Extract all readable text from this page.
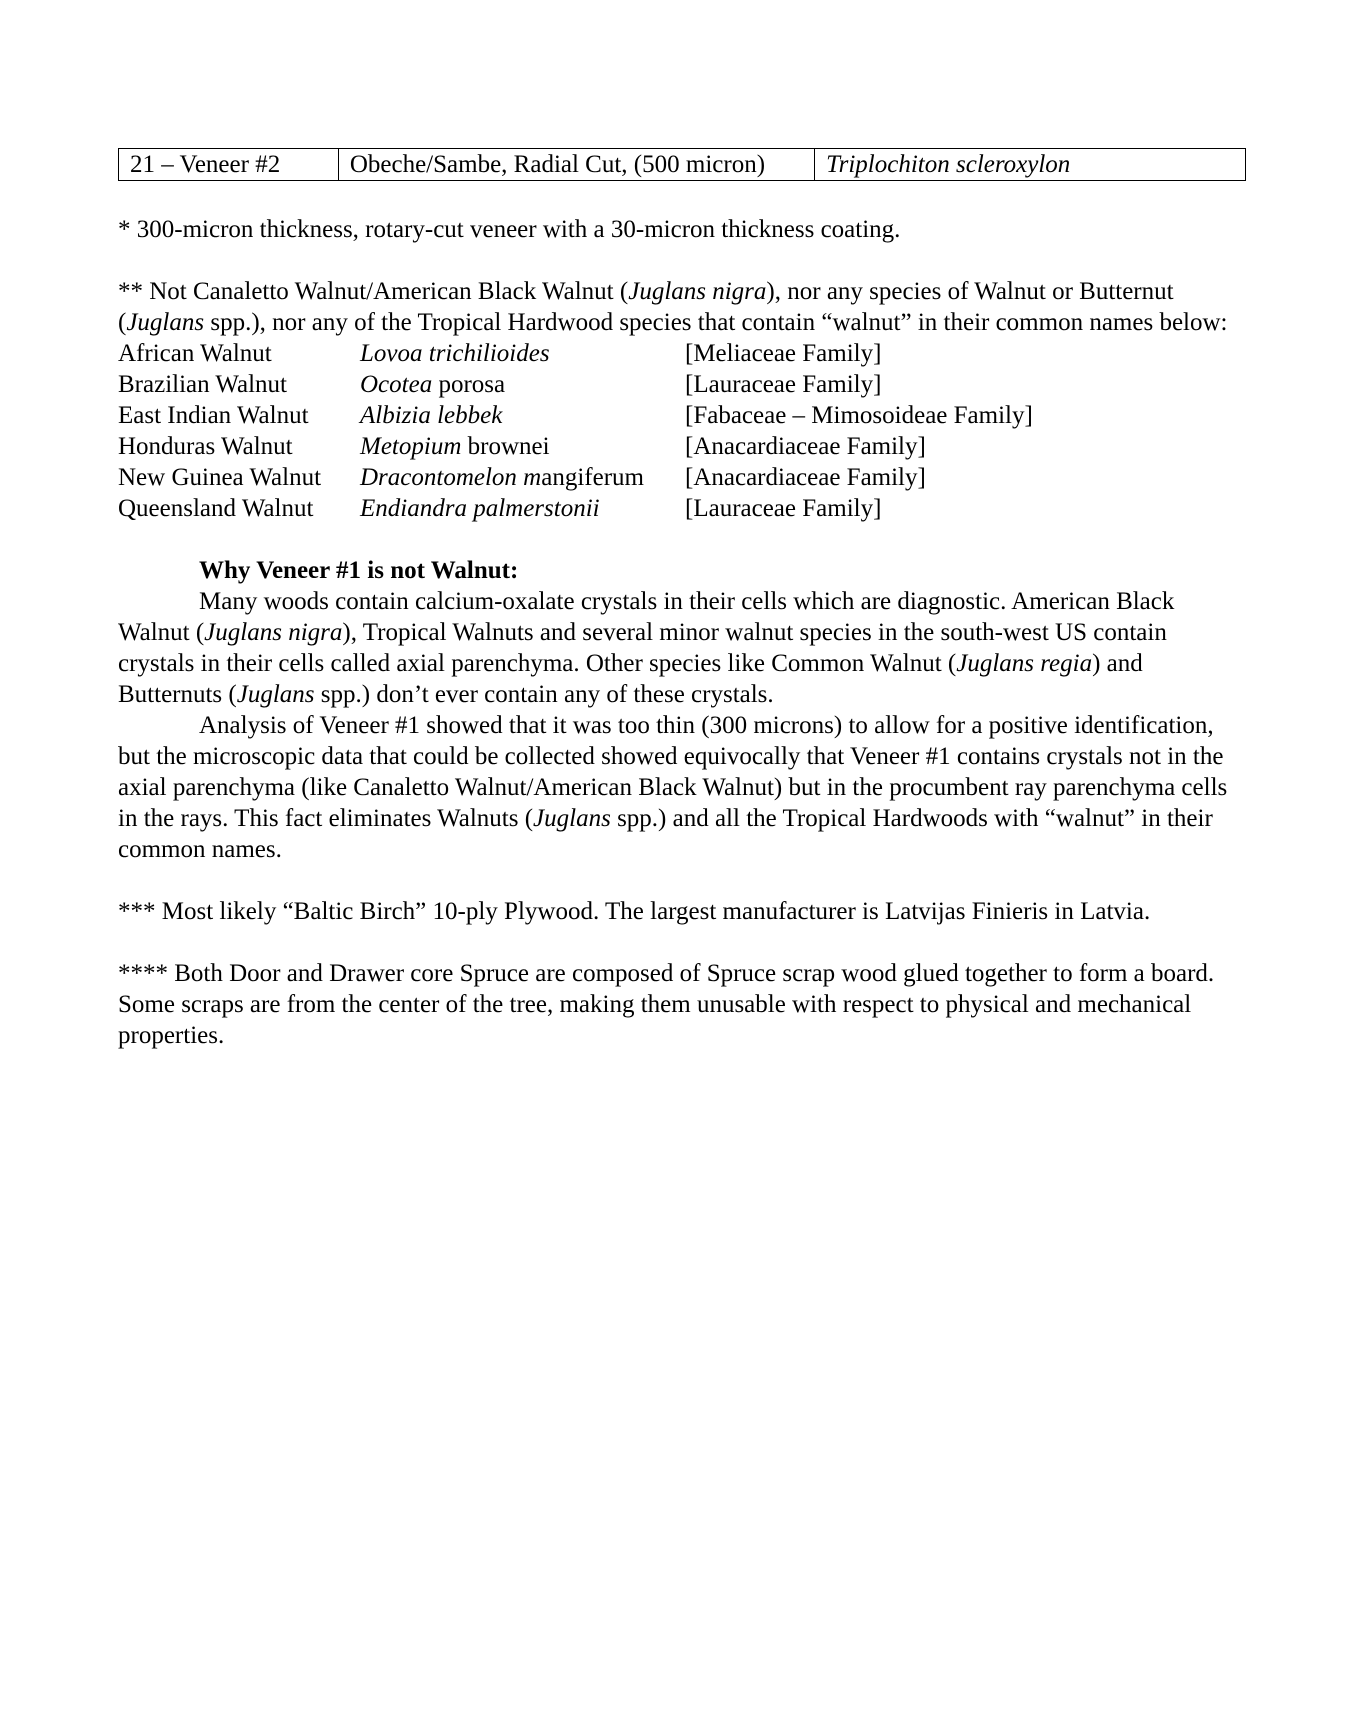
21 – Veneer #2	Obeche/Sambe, Radial Cut, (500 micron)	Triplochiton scleroxylon

* 300-micron thickness, rotary-cut veneer with a 30-micron thickness coating.

** Not Canaletto Walnut/American Black Walnut (Juglans nigra), nor any species of Walnut or Butternut (Juglans spp.), nor any of the Tropical Hardwood species that contain “walnut” in their common names below:

African Walnut	Lovoa trichilioides	[Meliaceae Family]
Brazilian Walnut	Ocotea porosa	[Lauraceae Family]
East Indian Walnut	Albizia lebbek	[Fabaceae – Mimosoideae Family]
Honduras Walnut	Metopium brownei	[Anacardiaceae Family]
New Guinea Walnut	Dracontomelon mangiferum	[Anacardiaceae Family]
Queensland Walnut	Endiandra palmerstonii	[Lauraceae Family]

Why Veneer #1 is not Walnut:

Many woods contain calcium-oxalate crystals in their cells which are diagnostic. American Black Walnut (Juglans nigra), Tropical Walnuts and several minor walnut species in the south-west US contain crystals in their cells called axial parenchyma. Other species like Common Walnut (Juglans regia) and Butternuts (Juglans spp.) don’t ever contain any of these crystals.

Analysis of Veneer #1 showed that it was too thin (300 microns) to allow for a positive identification, but the microscopic data that could be collected showed equivocally that Veneer #1 contains crystals not in the axial parenchyma (like Canaletto Walnut/American Black Walnut) but in the procumbent ray parenchyma cells in the rays. This fact eliminates Walnuts (Juglans spp.) and all the Tropical Hardwoods with “walnut” in their common names.

*** Most likely “Baltic Birch” 10-ply Plywood. The largest manufacturer is Latvijas Finieris in Latvia.

**** Both Door and Drawer core Spruce are composed of Spruce scrap wood glued together to form a board. Some scraps are from the center of the tree, making them unusable with respect to physical and mechanical properties.
